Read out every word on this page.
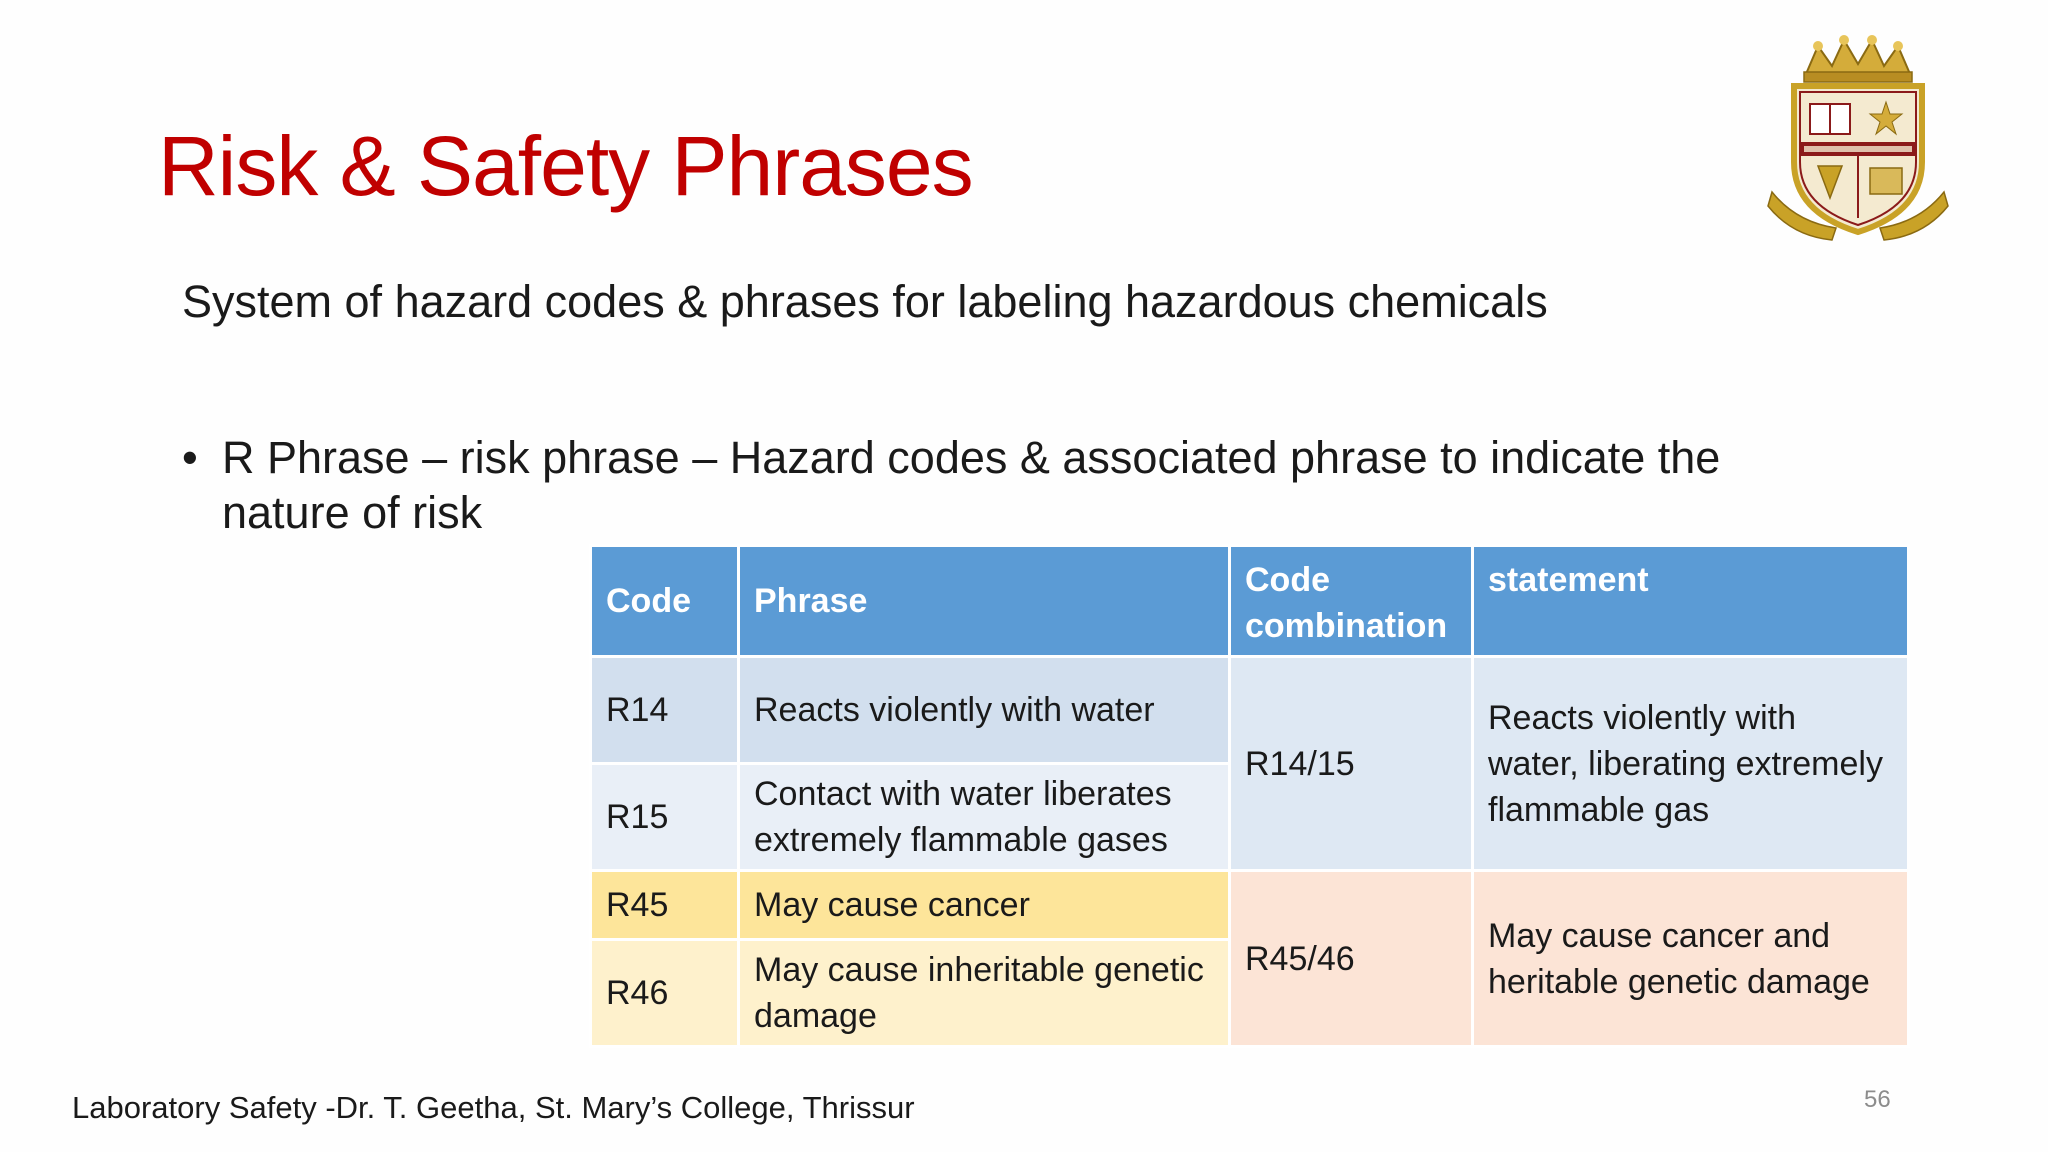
Risk & Safety Phrases
System of hazard codes & phrases for labeling hazardous chemicals
• R Phrase – risk phrase – Hazard codes & associated phrase to indicate the nature of risk
Code	Phrase	Code combination	statement
R14	Reacts violently with water	R14/15	Reacts violently with water, liberating extremely flammable gas
R15	Contact with water liberates extremely flammable gases		
R45	May cause cancer	R45/46	May cause cancer and heritable genetic damage
R46	May cause inheritable genetic damage		
Laboratory Safety -Dr. T. Geetha, St. Mary’s College, Thrissur	56
